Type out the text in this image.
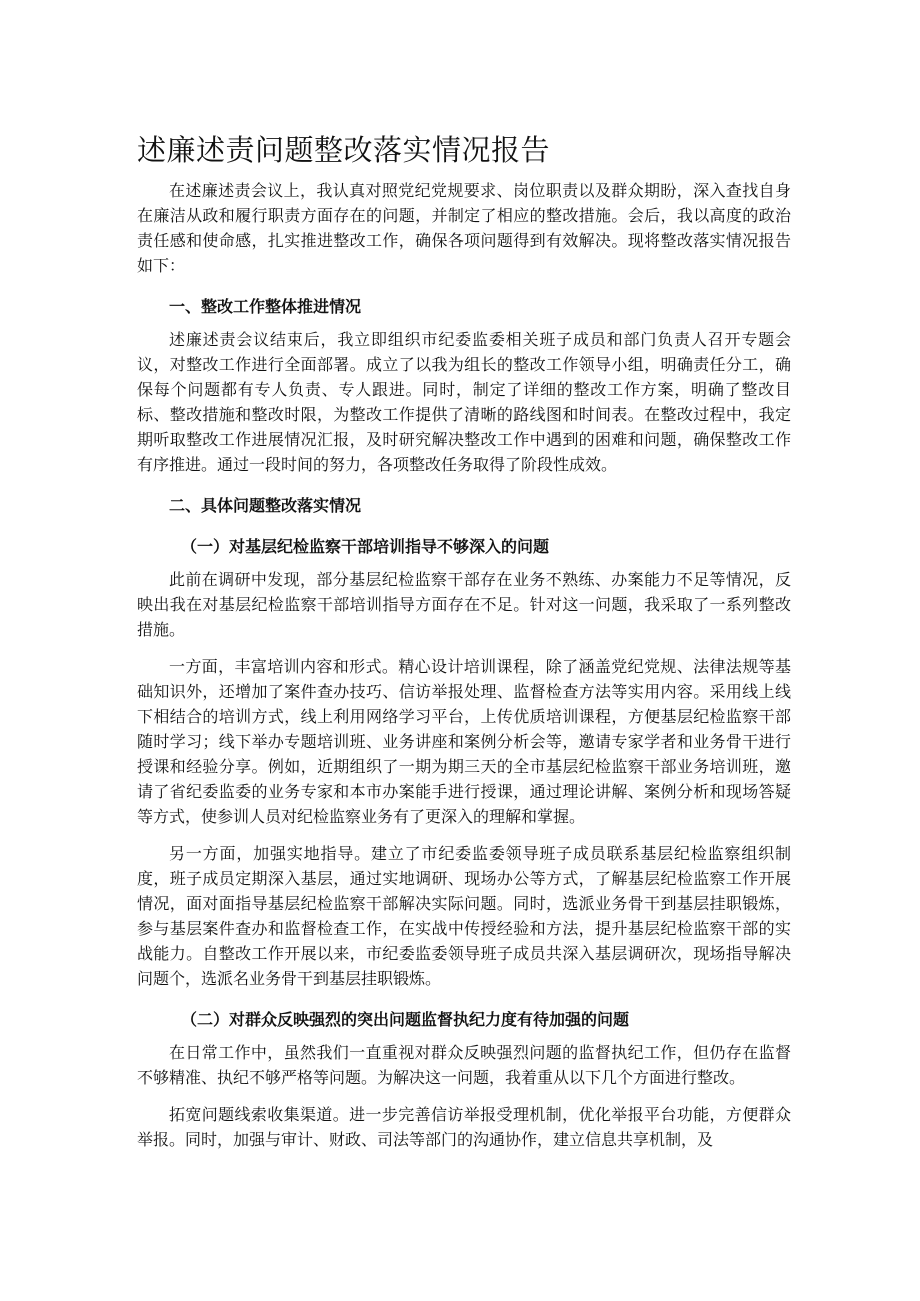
述廉述责问题整改落实情况报告

在述廉述责会议上，我认真对照党纪党规要求、岗位职责以及群众期盼，深入查找自身在廉洁从政和履行职责方面存在的问题，并制定了相应的整改措施。会后，我以高度的政治责任感和使命感，扎实推进整改工作，确保各项问题得到有效解决。现将整改落实情况报告如下：

一、整改工作整体推进情况

述廉述责会议结束后，我立即组织市纪委监委相关班子成员和部门负责人召开专题会议，对整改工作进行全面部署。成立了以我为组长的整改工作领导小组，明确责任分工，确保每个问题都有专人负责、专人跟进。同时，制定了详细的整改工作方案，明确了整改目标、整改措施和整改时限，为整改工作提供了清晰的路线图和时间表。在整改过程中，我定期听取整改工作进展情况汇报，及时研究解决整改工作中遇到的困难和问题，确保整改工作有序推进。通过一段时间的努力，各项整改任务取得了阶段性成效。

二、具体问题整改落实情况

（一）对基层纪检监察干部培训指导不够深入的问题

此前在调研中发现，部分基层纪检监察干部存在业务不熟练、办案能力不足等情况，反映出我在对基层纪检监察干部培训指导方面存在不足。针对这一问题，我采取了一系列整改措施。

一方面，丰富培训内容和形式。精心设计培训课程，除了涵盖党纪党规、法律法规等基础知识外，还增加了案件查办技巧、信访举报处理、监督检查方法等实用内容。采用线上线下相结合的培训方式，线上利用网络学习平台，上传优质培训课程，方便基层纪检监察干部随时学习；线下举办专题培训班、业务讲座和案例分析会等，邀请专家学者和业务骨干进行授课和经验分享。例如，近期组织了一期为期三天的全市基层纪检监察干部业务培训班，邀请了省纪委监委的业务专家和本市办案能手进行授课，通过理论讲解、案例分析和现场答疑等方式，使参训人员对纪检监察业务有了更深入的理解和掌握。

另一方面，加强实地指导。建立了市纪委监委领导班子成员联系基层纪检监察组织制度，班子成员定期深入基层，通过实地调研、现场办公等方式，了解基层纪检监察工作开展情况，面对面指导基层纪检监察干部解决实际问题。同时，选派业务骨干到基层挂职锻炼，参与基层案件查办和监督检查工作，在实战中传授经验和方法，提升基层纪检监察干部的实战能力。自整改工作开展以来，市纪委监委领导班子成员共深入基层调研次，现场指导解决问题个，选派名业务骨干到基层挂职锻炼。

（二）对群众反映强烈的突出问题监督执纪力度有待加强的问题

在日常工作中，虽然我们一直重视对群众反映强烈问题的监督执纪工作，但仍存在监督不够精准、执纪不够严格等问题。为解决这一问题，我着重从以下几个方面进行整改。

拓宽问题线索收集渠道。进一步完善信访举报受理机制，优化举报平台功能，方便群众举报。同时，加强与审计、财政、司法等部门的沟通协作，建立信息共享机制，及
